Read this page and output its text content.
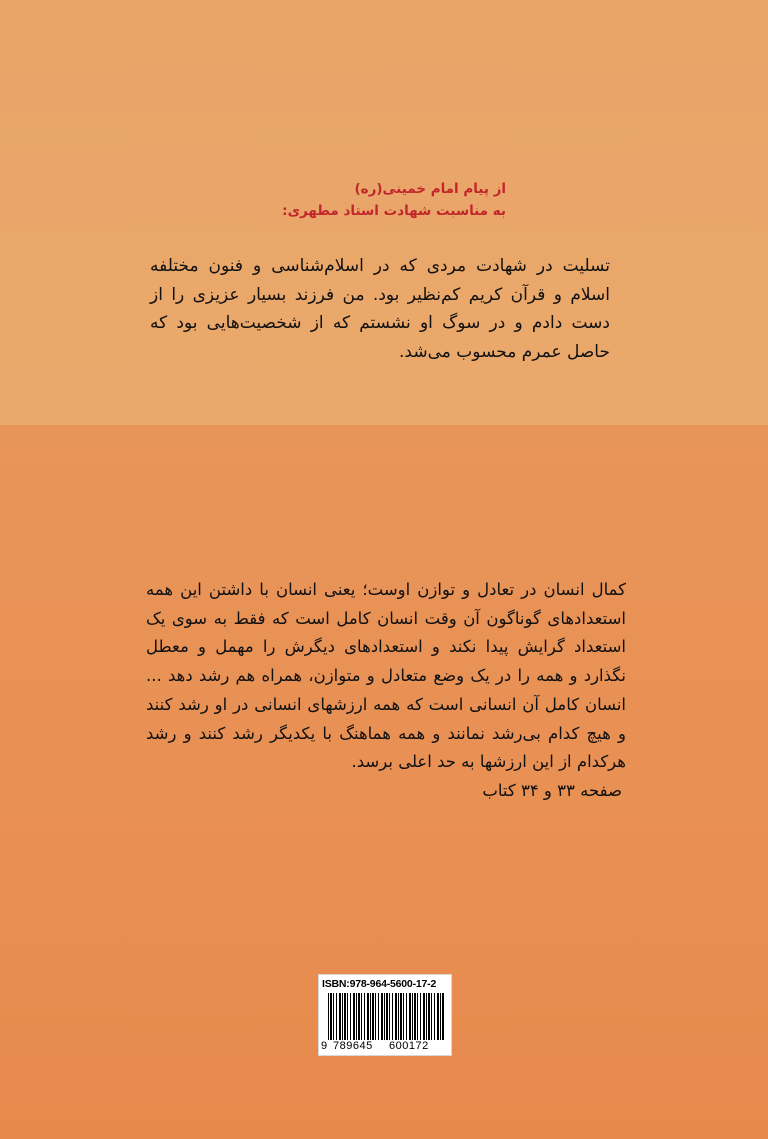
از پیام امام خمینی(ره)
به مناسبت شهادت استاد مطهری:
تسلیت در شهادت مردی که در اسلام‌شناسی و فنون مختلفه اسلام و قرآن کریم کم‌نظیر بود. من فرزند بسیار عزیزی را از دست دادم و در سوگ او نشستم که از شخصیت‌هایی بود که حاصل عمرم محسوب می‌شد.
کمال انسان در تعادل و توازن اوست؛ یعنی انسان با داشتن این همه استعدادهای گوناگون آن وقت انسان کامل است که فقط به سوی یک استعداد گرایش پیدا نکند و استعدادهای دیگرش را مهمل و معطل نگذارد و همه را در یک وضع متعادل و متوازن، همراه هم رشد دهد ... انسان کامل آن انسانی است که همه ارزشهای انسانی در او رشد کنند و هیچ کدام بی‌رشد نمانند و همه هماهنگ با یکدیگر رشد کنند و رشد هرکدام از این ارزشها به حد اعلی برسد.
صفحه ۳۳ و ۳۴ کتاب
ISBN:978-964-5600-17-2
9 789645 600172
